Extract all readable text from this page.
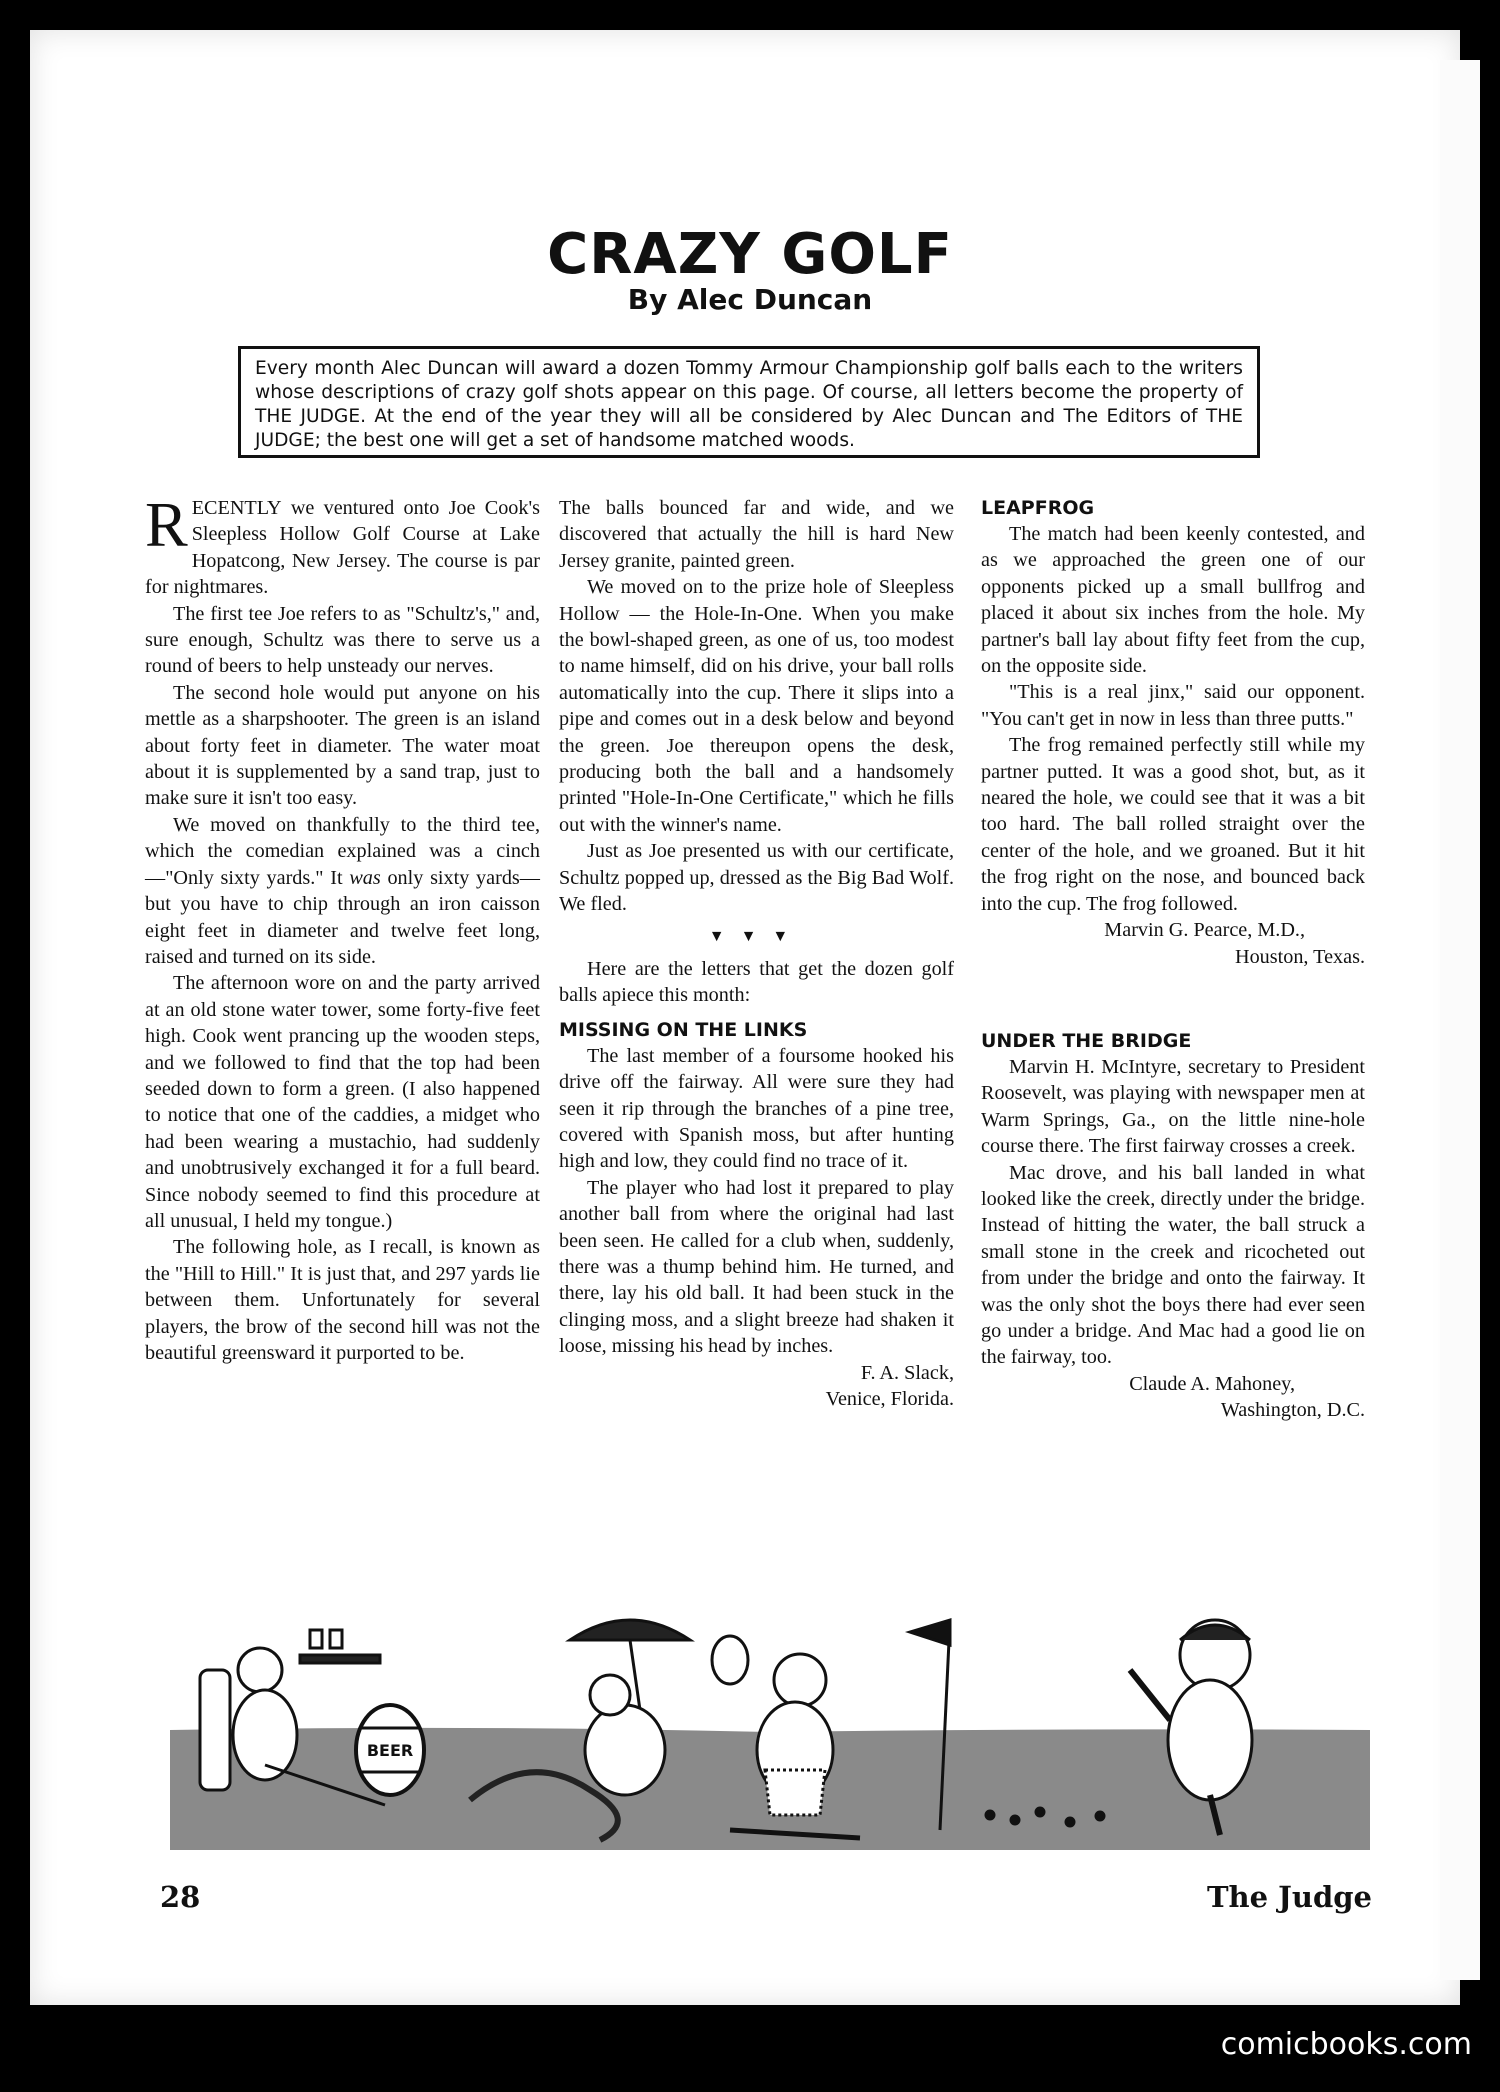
CRAZY GOLF
By Alec Duncan
Every month Alec Duncan will award a dozen Tommy Armour Championship golf balls each to the writers whose descriptions of crazy golf shots appear on this page. Of course, all letters become the property of THE JUDGE. At the end of the year they will all be considered by Alec Duncan and The Editors of THE JUDGE; the best one will get a set of handsome matched woods.

RECENTLY we ventured onto Joe Cook's Sleepless Hollow Golf Course at Lake Hopatcong, New Jersey. The course is par for nightmares.

The first tee Joe refers to as "Schultz's," and, sure enough, Schultz was there to serve us a round of beers to help unsteady our nerves.

The second hole would put anyone on his mettle as a sharpshooter. The green is an island about forty feet in diameter. The water moat about it is supplemented by a sand trap, just to make sure it isn't too easy.

We moved on thankfully to the third tee, which the comedian explained was a cinch—"Only sixty yards." It was only sixty yards—but you have to chip through an iron caisson eight feet in diameter and twelve feet long, raised and turned on its side.

The afternoon wore on and the party arrived at an old stone water tower, some forty-five feet high. Cook went prancing up the wooden steps, and we followed to find that the top had been seeded down to form a green. (I also happened to notice that one of the caddies, a midget who had been wearing a mustachio, had suddenly and unobtrusively exchanged it for a full beard. Since nobody seemed to find this procedure at all unusual, I held my tongue.)

The following hole, as I recall, is known as the "Hill to Hill." It is just that, and 297 yards lie between them. Unfortunately for several players, the brow of the second hill was not the beautiful greensward it purported to be.

The balls bounced far and wide, and we discovered that actually the hill is hard New Jersey granite, painted green.

We moved on to the prize hole of Sleepless Hollow — the Hole-In-One. When you make the bowl-shaped green, as one of us, too modest to name himself, did on his drive, your ball rolls automatically into the cup. There it slips into a pipe and comes out in a desk below and beyond the green. Joe thereupon opens the desk, producing both the ball and a handsomely printed "Hole-In-One Certificate," which he fills out with the winner's name.

Just as Joe presented us with our certificate, Schultz popped up, dressed as the Big Bad Wolf. We fled.

▼▼▼

Here are the letters that get the dozen golf balls apiece this month:

MISSING ON THE LINKS

The last member of a foursome hooked his drive off the fairway. All were sure they had seen it rip through the branches of a pine tree, covered with Spanish moss, but after hunting high and low, they could find no trace of it.

The player who had lost it prepared to play another ball from where the original had last been seen. He called for a club when, suddenly, there was a thump behind him. He turned, and there, lay his old ball. It had been stuck in the clinging moss, and a slight breeze had shaken it loose, missing his head by inches.

F. A. Slack,

Venice, Florida.

LEAPFROG

The match had been keenly contested, and as we approached the green one of our opponents picked up a small bullfrog and placed it about six inches from the hole. My partner's ball lay about fifty feet from the cup, on the opposite side.

"This is a real jinx," said our opponent. "You can't get in now in less than three putts."

The frog remained perfectly still while my partner putted. It was a good shot, but, as it neared the hole, we could see that it was a bit too hard. The ball rolled straight over the center of the hole, and we groaned. But it hit the frog right on the nose, and bounced back into the cup. The frog followed.

Marvin G. Pearce, M.D.,

Houston, Texas.

UNDER THE BRIDGE

Marvin H. McIntyre, secretary to President Roosevelt, was playing with newspaper men at Warm Springs, Ga., on the little nine-hole course there. The first fairway crosses a creek.

Mac drove, and his ball landed in what looked like the creek, directly under the bridge. Instead of hitting the water, the ball struck a small stone in the creek and ricocheted out from under the bridge and onto the fairway. It was the only shot the boys there had ever seen go under a bridge. And Mac had a good lie on the fairway, too.

Claude A. Mahoney,

Washington, D.C.

BEER
28	The Judge
comicbooks.com
